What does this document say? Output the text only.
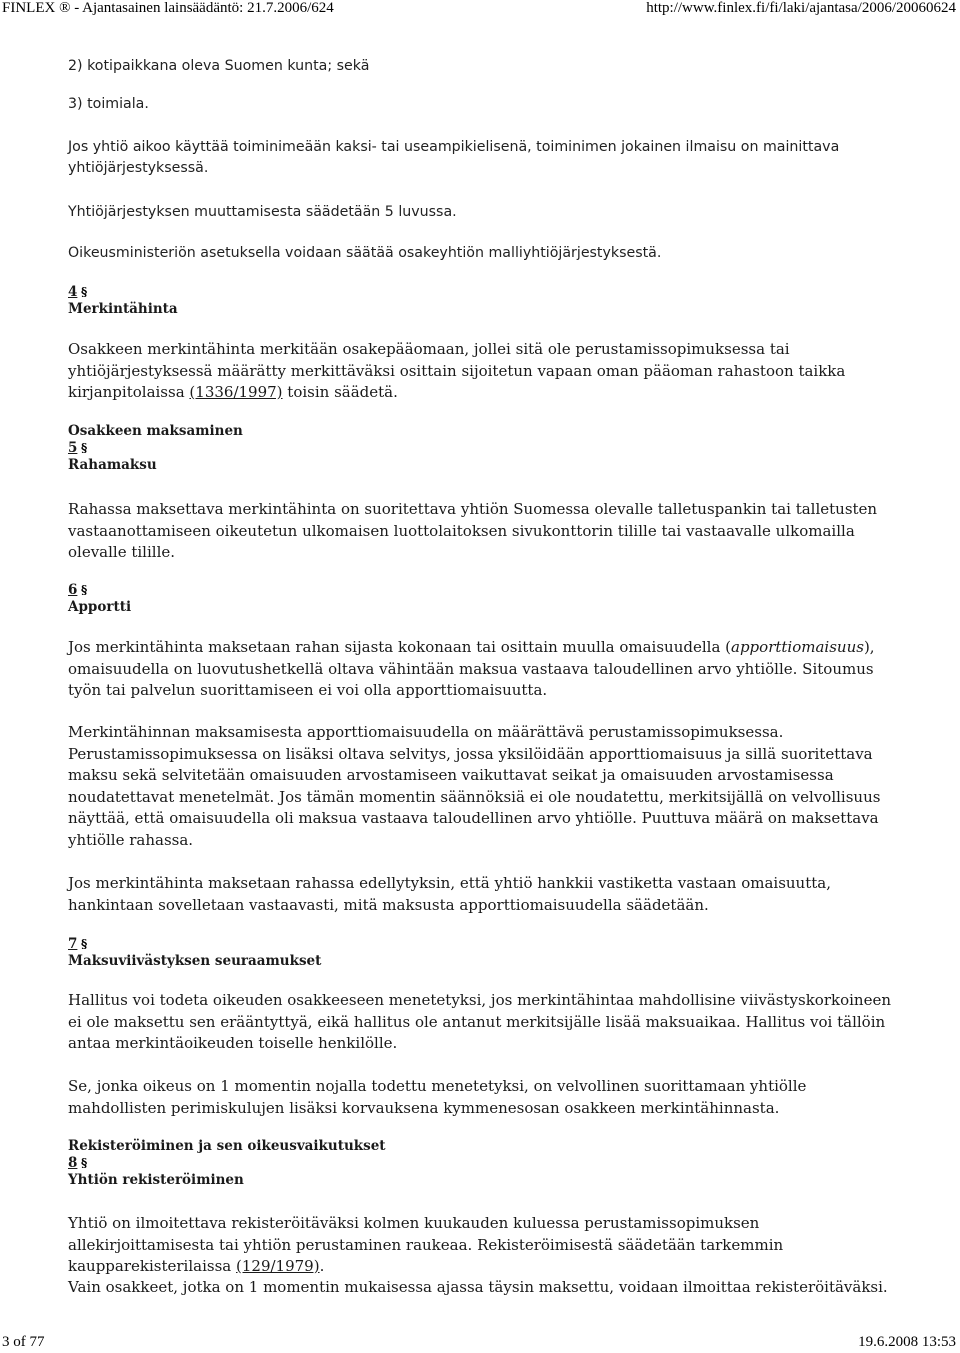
FINLEX ® - Ajantasainen lainsäädäntö: 21.7.2006/624	http://www.finlex.fi/fi/laki/ajantasa/2006/20060624

2) kotipaikkana oleva Suomen kunta; sekä

3) toimiala.

Jos yhtiö aikoo käyttää toiminimeään kaksi- tai useampikielisenä, toiminimen jokainen ilmaisu on mainittava yhtiöjärjestyksessä.

Yhtiöjärjestyksen muuttamisesta säädetään 5 luvussa.

Oikeusministeriön asetuksella voidaan säätää osakeyhtiön malliyhtiöjärjestyksestä.

4 §

Merkintähinta

Osakkeen merkintähinta merkitään osakepääomaan, jollei sitä ole perustamissopimuksessa tai yhtiöjärjestyksessä määrätty merkittäväksi osittain sijoitetun vapaan oman pääoman rahastoon taikka kirjanpitolaissa (1336/1997) toisin säädetä.

Osakkeen maksaminen
5 §

Rahamaksu

Rahassa maksettava merkintähinta on suoritettava yhtiön Suomessa olevalle talletuspankin tai talletusten vastaanottamiseen oikeutetun ulkomaisen luottolaitoksen sivukonttorin tilille tai vastaavalle ulkomailla olevalle tilille.

6 §

Apportti

Jos merkintähinta maksetaan rahan sijasta kokonaan tai osittain muulla omaisuudella (apporttiomaisuus), omaisuudella on luovutushetkellä oltava vähintään maksua vastaava taloudellinen arvo yhtiölle. Sitoumus työn tai palvelun suorittamiseen ei voi olla apporttiomaisuutta.

Merkintähinnan maksamisesta apporttiomaisuudella on määrättävä perustamissopimuksessa. Perustamissopimuksessa on lisäksi oltava selvitys, jossa yksilöidään apporttiomaisuus ja sillä suoritettava maksu sekä selvitetään omaisuuden arvostamiseen vaikuttavat seikat ja omaisuuden arvostamisessa noudatettavat menetelmät. Jos tämän momentin säännöksiä ei ole noudatettu, merkitsijällä on velvollisuus näyttää, että omaisuudella oli maksua vastaava taloudellinen arvo yhtiölle. Puuttuva määrä on maksettava yhtiölle rahassa.

Jos merkintähinta maksetaan rahassa edellytyksin, että yhtiö hankkii vastiketta vastaan omaisuutta, hankintaan sovelletaan vastaavasti, mitä maksusta apporttiomaisuudella säädetään.

7 §

Maksuviivästyksen seuraamukset

Hallitus voi todeta oikeuden osakkeeseen menetetyksi, jos merkintähintaa mahdollisine viivästyskorkoineen ei ole maksettu sen erääntyttyä, eikä hallitus ole antanut merkitsijälle lisää maksuaikaa. Hallitus voi tällöin antaa merkintäoikeuden toiselle henkilölle.

Se, jonka oikeus on 1 momentin nojalla todettu menetetyksi, on velvollinen suorittamaan yhtiölle mahdollisten perimiskulujen lisäksi korvauksena kymmenesosan osakkeen merkintähinnasta.

Rekisteröiminen ja sen oikeusvaikutukset
8 §

Yhtiön rekisteröiminen

Yhtiö on ilmoitettava rekisteröitäväksi kolmen kuukauden kuluessa perustamissopimuksen allekirjoittamisesta tai yhtiön perustaminen raukeaa. Rekisteröimisestä säädetään tarkemmin kaupparekisterilaissa (129/1979).

Vain osakkeet, jotka on 1 momentin mukaisessa ajassa täysin maksettu, voidaan ilmoittaa rekisteröitäväksi.

3 of 77	19.6.2008 13:53
